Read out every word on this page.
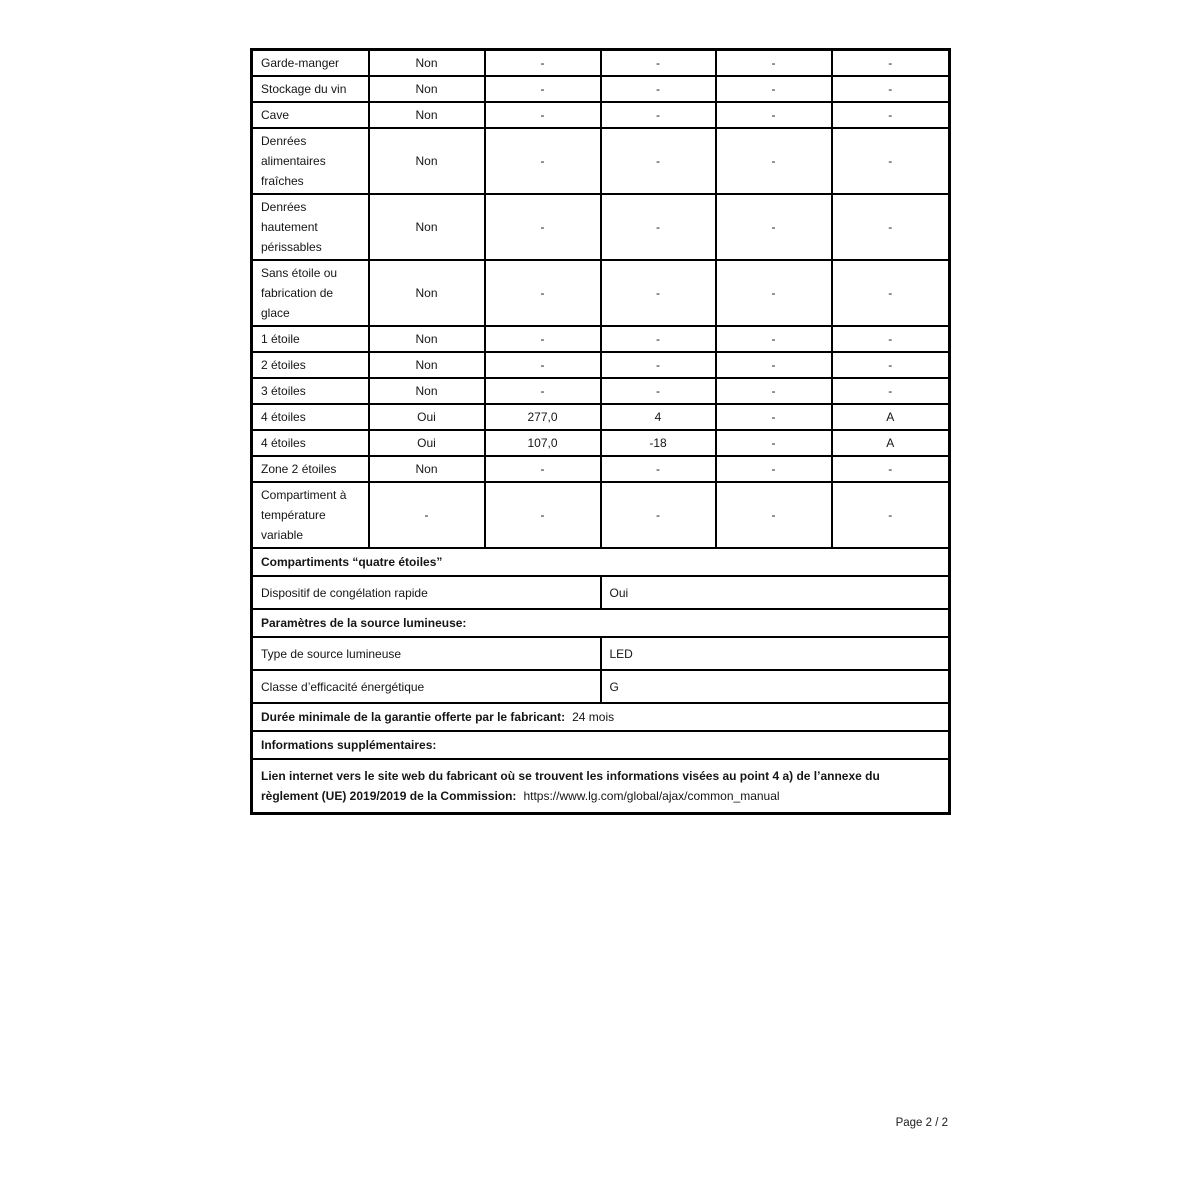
Garde-manger	Non	-	-	-	-
Stockage du vin	Non	-	-	-	-
Cave	Non	-	-	-	-
Denrées alimentaires fraîches	Non	-	-	-	-
Denrées hautement périssables	Non	-	-	-	-
Sans étoile ou fabrication de glace	Non	-	-	-	-
1 étoile	Non	-	-	-	-
2 étoiles	Non	-	-	-	-
3 étoiles	Non	-	-	-	-
4 étoiles	Oui	277,0	4	-	A
4 étoiles	Oui	107,0	-18	-	A
Zone 2 étoiles	Non	-	-	-	-
Compartiment à température variable	-	-	-	-	-
Compartiments “quatre étoiles”					
Dispositif de congélation rapide			Oui		
Paramètres de la source lumineuse:					
Type de source lumineuse			LED		
Classe d’efficacité énergétique			G		
Durée minimale de la garantie offerte par le fabricant: 24 mois					
Informations supplémentaires:					
Lien internet vers le site web du fabricant où se trouvent les informations visées au point 4 a) de l’annexe du règlement (UE) 2019/2019 de la Commission: https://www.lg.com/global/ajax/common_manual					
Page 2 / 2
